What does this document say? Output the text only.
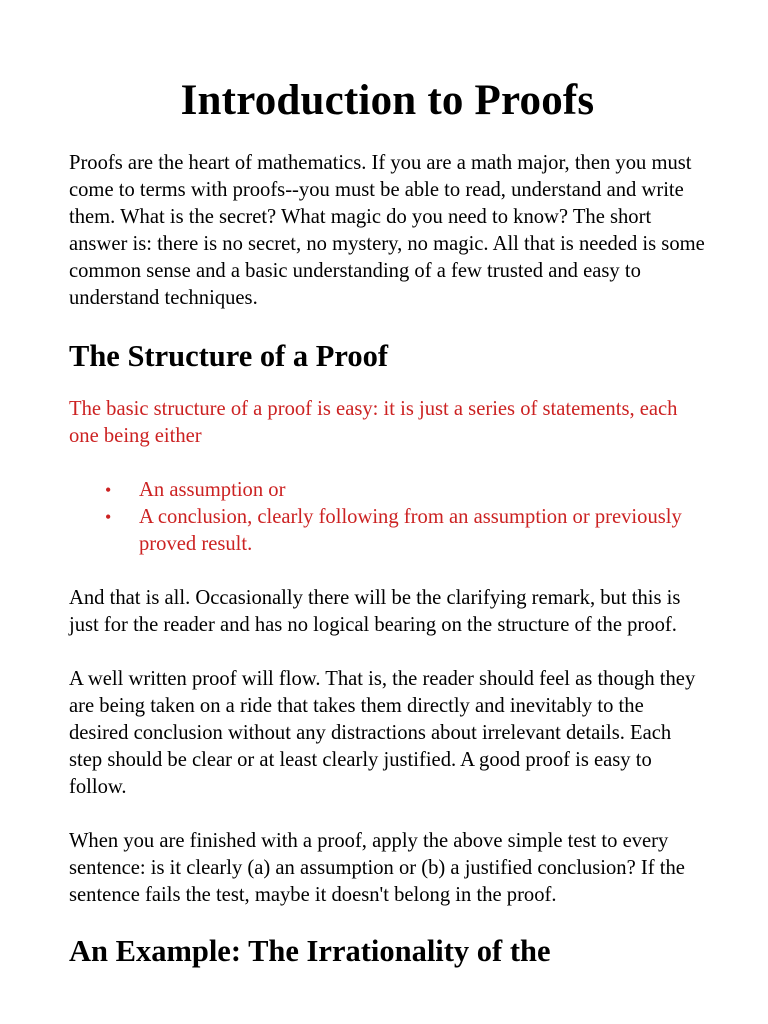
Introduction to Proofs

Proofs are the heart of mathematics. If you are a math major, then you must come to terms with proofs--you must be able to read, understand and write them. What is the secret? What magic do you need to know? The short answer is: there is no secret, no mystery, no magic. All that is needed is some common sense and a basic understanding of a few trusted and easy to understand techniques.

The Structure of a Proof

The basic structure of a proof is easy: it is just a series of statements, each one being either

• An assumption or
• A conclusion, clearly following from an assumption or previously proved result.

And that is all. Occasionally there will be the clarifying remark, but this is just for the reader and has no logical bearing on the structure of the proof.

A well written proof will flow. That is, the reader should feel as though they are being taken on a ride that takes them directly and inevitably to the desired conclusion without any distractions about irrelevant details. Each step should be clear or at least clearly justified. A good proof is easy to follow.

When you are finished with a proof, apply the above simple test to every sentence: is it clearly (a) an assumption or (b) a justified conclusion? If the sentence fails the test, maybe it doesn't belong in the proof.

An Example: The Irrationality of the
